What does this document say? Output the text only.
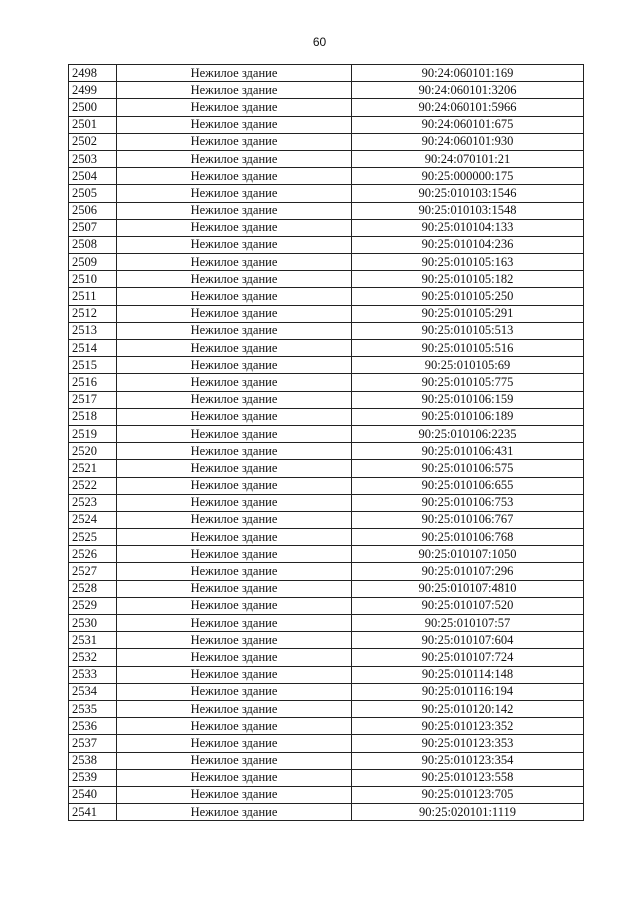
60
2498	Нежилое здание	90:24:060101:169
2499	Нежилое здание	90:24:060101:3206
2500	Нежилое здание	90:24:060101:5966
2501	Нежилое здание	90:24:060101:675
2502	Нежилое здание	90:24:060101:930
2503	Нежилое здание	90:24:070101:21
2504	Нежилое здание	90:25:000000:175
2505	Нежилое здание	90:25:010103:1546
2506	Нежилое здание	90:25:010103:1548
2507	Нежилое здание	90:25:010104:133
2508	Нежилое здание	90:25:010104:236
2509	Нежилое здание	90:25:010105:163
2510	Нежилое здание	90:25:010105:182
2511	Нежилое здание	90:25:010105:250
2512	Нежилое здание	90:25:010105:291
2513	Нежилое здание	90:25:010105:513
2514	Нежилое здание	90:25:010105:516
2515	Нежилое здание	90:25:010105:69
2516	Нежилое здание	90:25:010105:775
2517	Нежилое здание	90:25:010106:159
2518	Нежилое здание	90:25:010106:189
2519	Нежилое здание	90:25:010106:2235
2520	Нежилое здание	90:25:010106:431
2521	Нежилое здание	90:25:010106:575
2522	Нежилое здание	90:25:010106:655
2523	Нежилое здание	90:25:010106:753
2524	Нежилое здание	90:25:010106:767
2525	Нежилое здание	90:25:010106:768
2526	Нежилое здание	90:25:010107:1050
2527	Нежилое здание	90:25:010107:296
2528	Нежилое здание	90:25:010107:4810
2529	Нежилое здание	90:25:010107:520
2530	Нежилое здание	90:25:010107:57
2531	Нежилое здание	90:25:010107:604
2532	Нежилое здание	90:25:010107:724
2533	Нежилое здание	90:25:010114:148
2534	Нежилое здание	90:25:010116:194
2535	Нежилое здание	90:25:010120:142
2536	Нежилое здание	90:25:010123:352
2537	Нежилое здание	90:25:010123:353
2538	Нежилое здание	90:25:010123:354
2539	Нежилое здание	90:25:010123:558
2540	Нежилое здание	90:25:010123:705
2541	Нежилое здание	90:25:020101:1119
